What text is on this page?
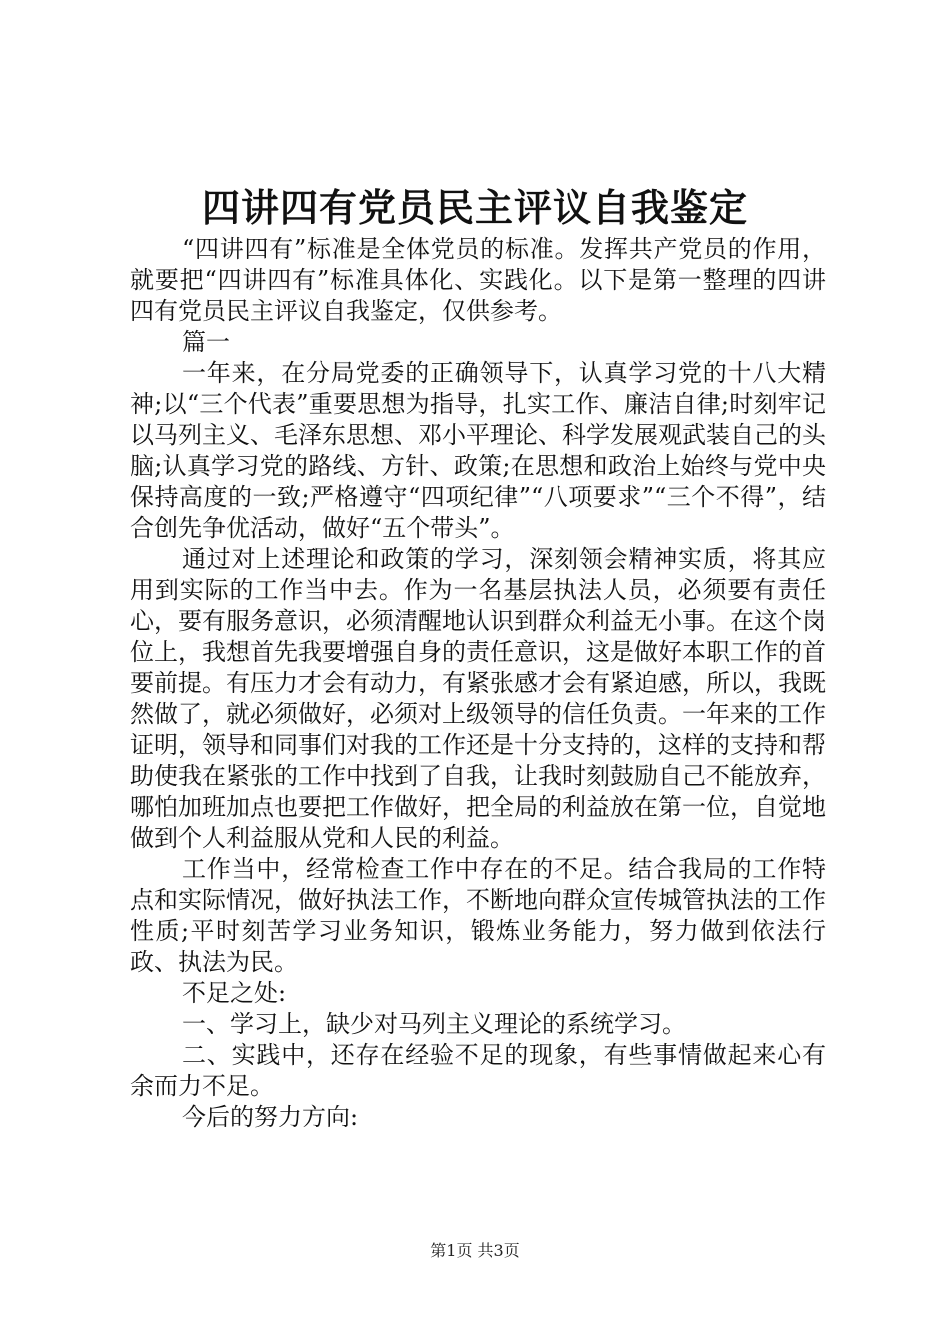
四讲四有党员民主评议自我鉴定

“四讲四有”标准是全体党员的标准。发挥共产党员的作用，就要把“四讲四有”标准具体化、实践化。以下是第一整理的四讲四有党员民主评议自我鉴定，仅供参考。

篇一

一年来，在分局党委的正确领导下，认真学习党的十八大精神;以“三个代表”重要思想为指导，扎实工作、廉洁自律;时刻牢记以马列主义、毛泽东思想、邓小平理论、科学发展观武装自己的头脑;认真学习党的路线、方针、政策;在思想和政治上始终与党中央保持高度的一致;严格遵守“四项纪律”“八项要求”“三个不得”，结合创先争优活动，做好“五个带头”。

通过对上述理论和政策的学习，深刻领会精神实质，将其应用到实际的工作当中去。作为一名基层执法人员，必须要有责任心，要有服务意识，必须清醒地认识到群众利益无小事。在这个岗位上，我想首先我要增强自身的责任意识，这是做好本职工作的首要前提。有压力才会有动力，有紧张感才会有紧迫感，所以，我既然做了，就必须做好，必须对上级领导的信任负责。一年来的工作证明，领导和同事们对我的工作还是十分支持的，这样的支持和帮助使我在紧张的工作中找到了自我，让我时刻鼓励自己不能放弃，哪怕加班加点也要把工作做好，把全局的利益放在第一位，自觉地做到个人利益服从党和人民的利益。

工作当中，经常检查工作中存在的不足。结合我局的工作特点和实际情况，做好执法工作，不断地向群众宣传城管执法的工作性质;平时刻苦学习业务知识，锻炼业务能力，努力做到依法行政、执法为民。

不足之处:

一、学习上，缺少对马列主义理论的系统学习。

二、实践中，还存在经验不足的现象，有些事情做起来心有余而力不足。

今后的努力方向:

第1页 共3页
